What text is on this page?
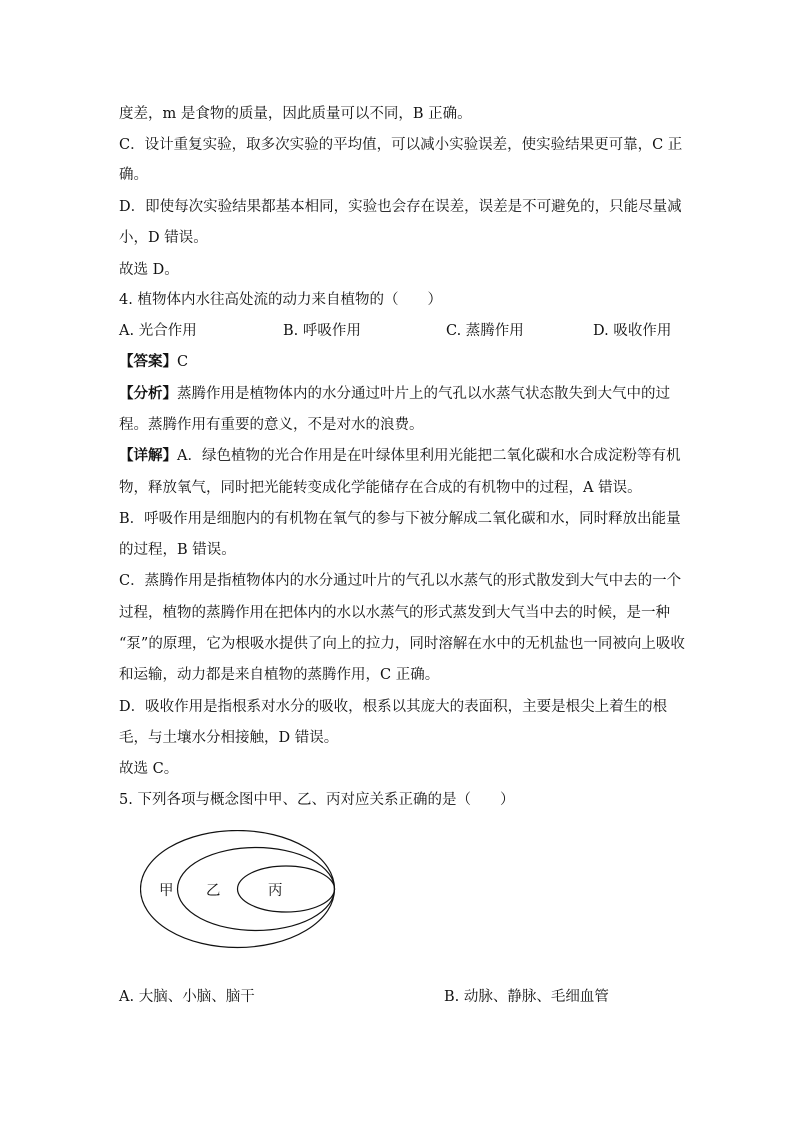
度差，m 是食物的质量，因此质量可以不同，B 正确。
C．设计重复实验，取多次实验的平均值，可以减小实验误差，使实验结果更可靠，C 正
确。
D．即使每次实验结果都基本相同，实验也会存在误差，误差是不可避免的，只能尽量减
小，D 错误。
故选 D。
4. 植物体内水往高处流的动力来自植物的（　　）
A. 光合作用	B. 呼吸作用	C. 蒸腾作用	D. 吸收作用
【答案】C
【分析】蒸腾作用是植物体内的水分通过叶片上的气孔以水蒸气状态散失到大气中的过
程。蒸腾作用有重要的意义，不是对水的浪费。
【详解】A．绿色植物的光合作用是在叶绿体里利用光能把二氧化碳和水合成淀粉等有机
物，释放氧气，同时把光能转变成化学能储存在合成的有机物中的过程，A 错误。
B．呼吸作用是细胞内的有机物在氧气的参与下被分解成二氧化碳和水，同时释放出能量
的过程，B 错误。
C．蒸腾作用是指植物体内的水分通过叶片的气孔以水蒸气的形式散发到大气中去的一个
过程，植物的蒸腾作用在把体内的水以水蒸气的形式蒸发到大气当中去的时候，是一种
“泵”的原理，它为根吸水提供了向上的拉力，同时溶解在水中的无机盐也一同被向上吸收
和运输，动力都是来自植物的蒸腾作用，C 正确。
D．吸收作用是指根系对水分的吸收，根系以其庞大的表面积，主要是根尖上着生的根
毛，与土壤水分相接触，D 错误。
故选 C。
5. 下列各项与概念图中甲、乙、丙对应关系正确的是（　　）
甲 乙	丙
A. 大脑、小脑、脑干	B. 动脉、静脉、毛细血管
